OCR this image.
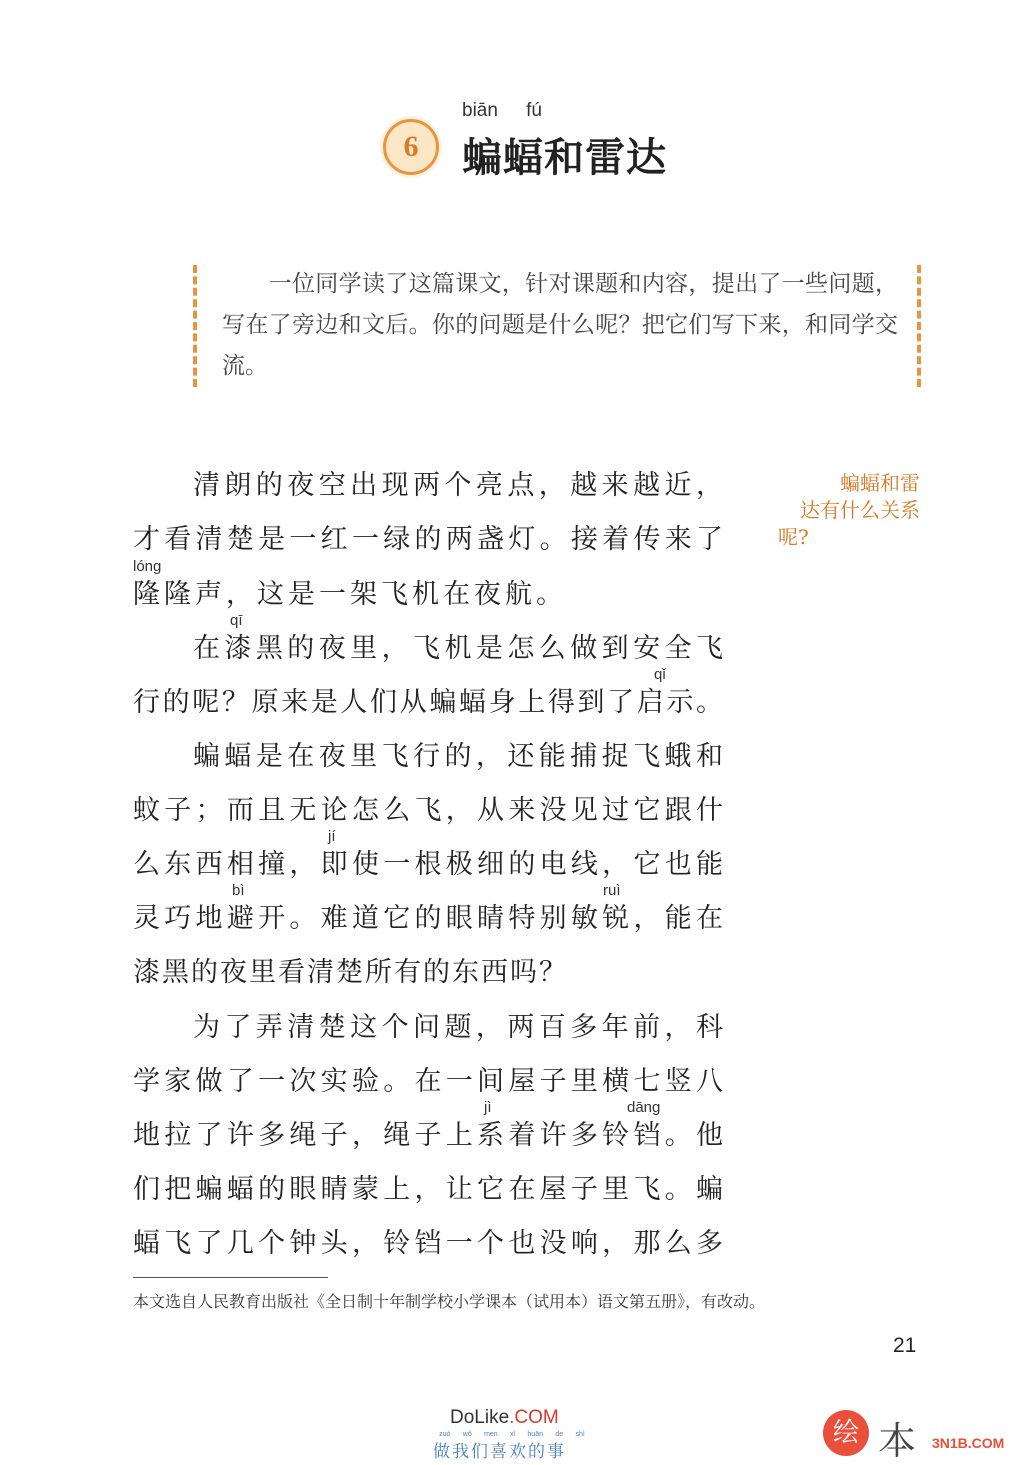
6
biān fú
蝙蝠和雷达
　　一位同学读了这篇课文，针对课题和内容，提出了一些问题，写在了旁边和文后。你的问题是什么呢？把它们写下来，和同学交流。
蝙蝠和雷
达有什么关系
呢?
清朗的夜空出现两个亮点，越来越近，
才看清楚是一红一绿的两盏灯。接着传来了
隆隆声，这是一架飞机在夜航。
在漆黑的夜里，飞机是怎么做到安全飞
行的呢？原来是人们从蝙蝠身上得到了启示。
蝙蝠是在夜里飞行的，还能捕捉飞蛾和
蚊子；而且无论怎么飞，从来没见过它跟什
么东西相撞，即使一根极细的电线，它也能
灵巧地避开。难道它的眼睛特别敏锐，能在
漆黑的夜里看清楚所有的东西吗？
为了弄清楚这个问题，两百多年前，科
学家做了一次实验。在一间屋子里横七竖八
地拉了许多绳子，绳子上系着许多铃铛。他
们把蝙蝠的眼睛蒙上，让它在屋子里飞。蝙
蝠飞了几个钟头，铃铛一个也没响，那么多
lóng
qī
qǐ
jí
bì	ruì
jì	dāng
本文选自人民教育出版社《全日制十年制学校小学课本（试用本）语文第五册》，有改动。
21
DoLike.COM
zuò wǒ men xǐ huān de shì
做我们喜欢的事
绘 本 3N1B.COM
